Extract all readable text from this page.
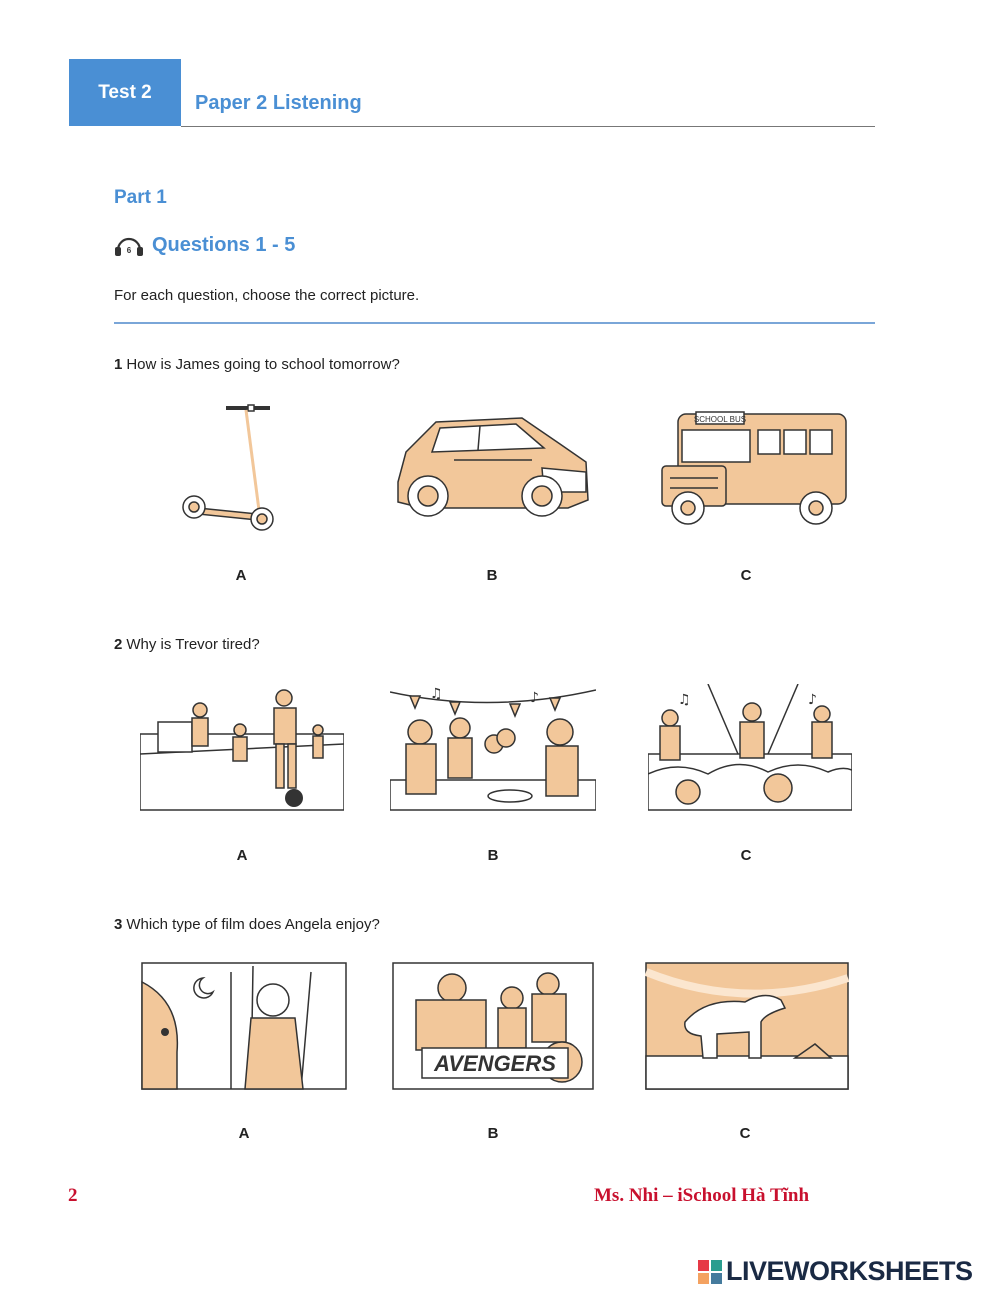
Test 2	Paper 2 Listening
Part 1
6 Questions 1 - 5
For each question, choose the correct picture.
1 How is James going to school tomorrow?
SCHOOL BUS
A	B	C
2 Why is Trevor tired?
♫	♪	♫	♪
A	B	C
3 Which type of film does Angela enjoy?
AVENGERS
A	B	C
2	Ms. Nhi – iSchool Hà Tĩnh
LIVEWORKSHEETS
